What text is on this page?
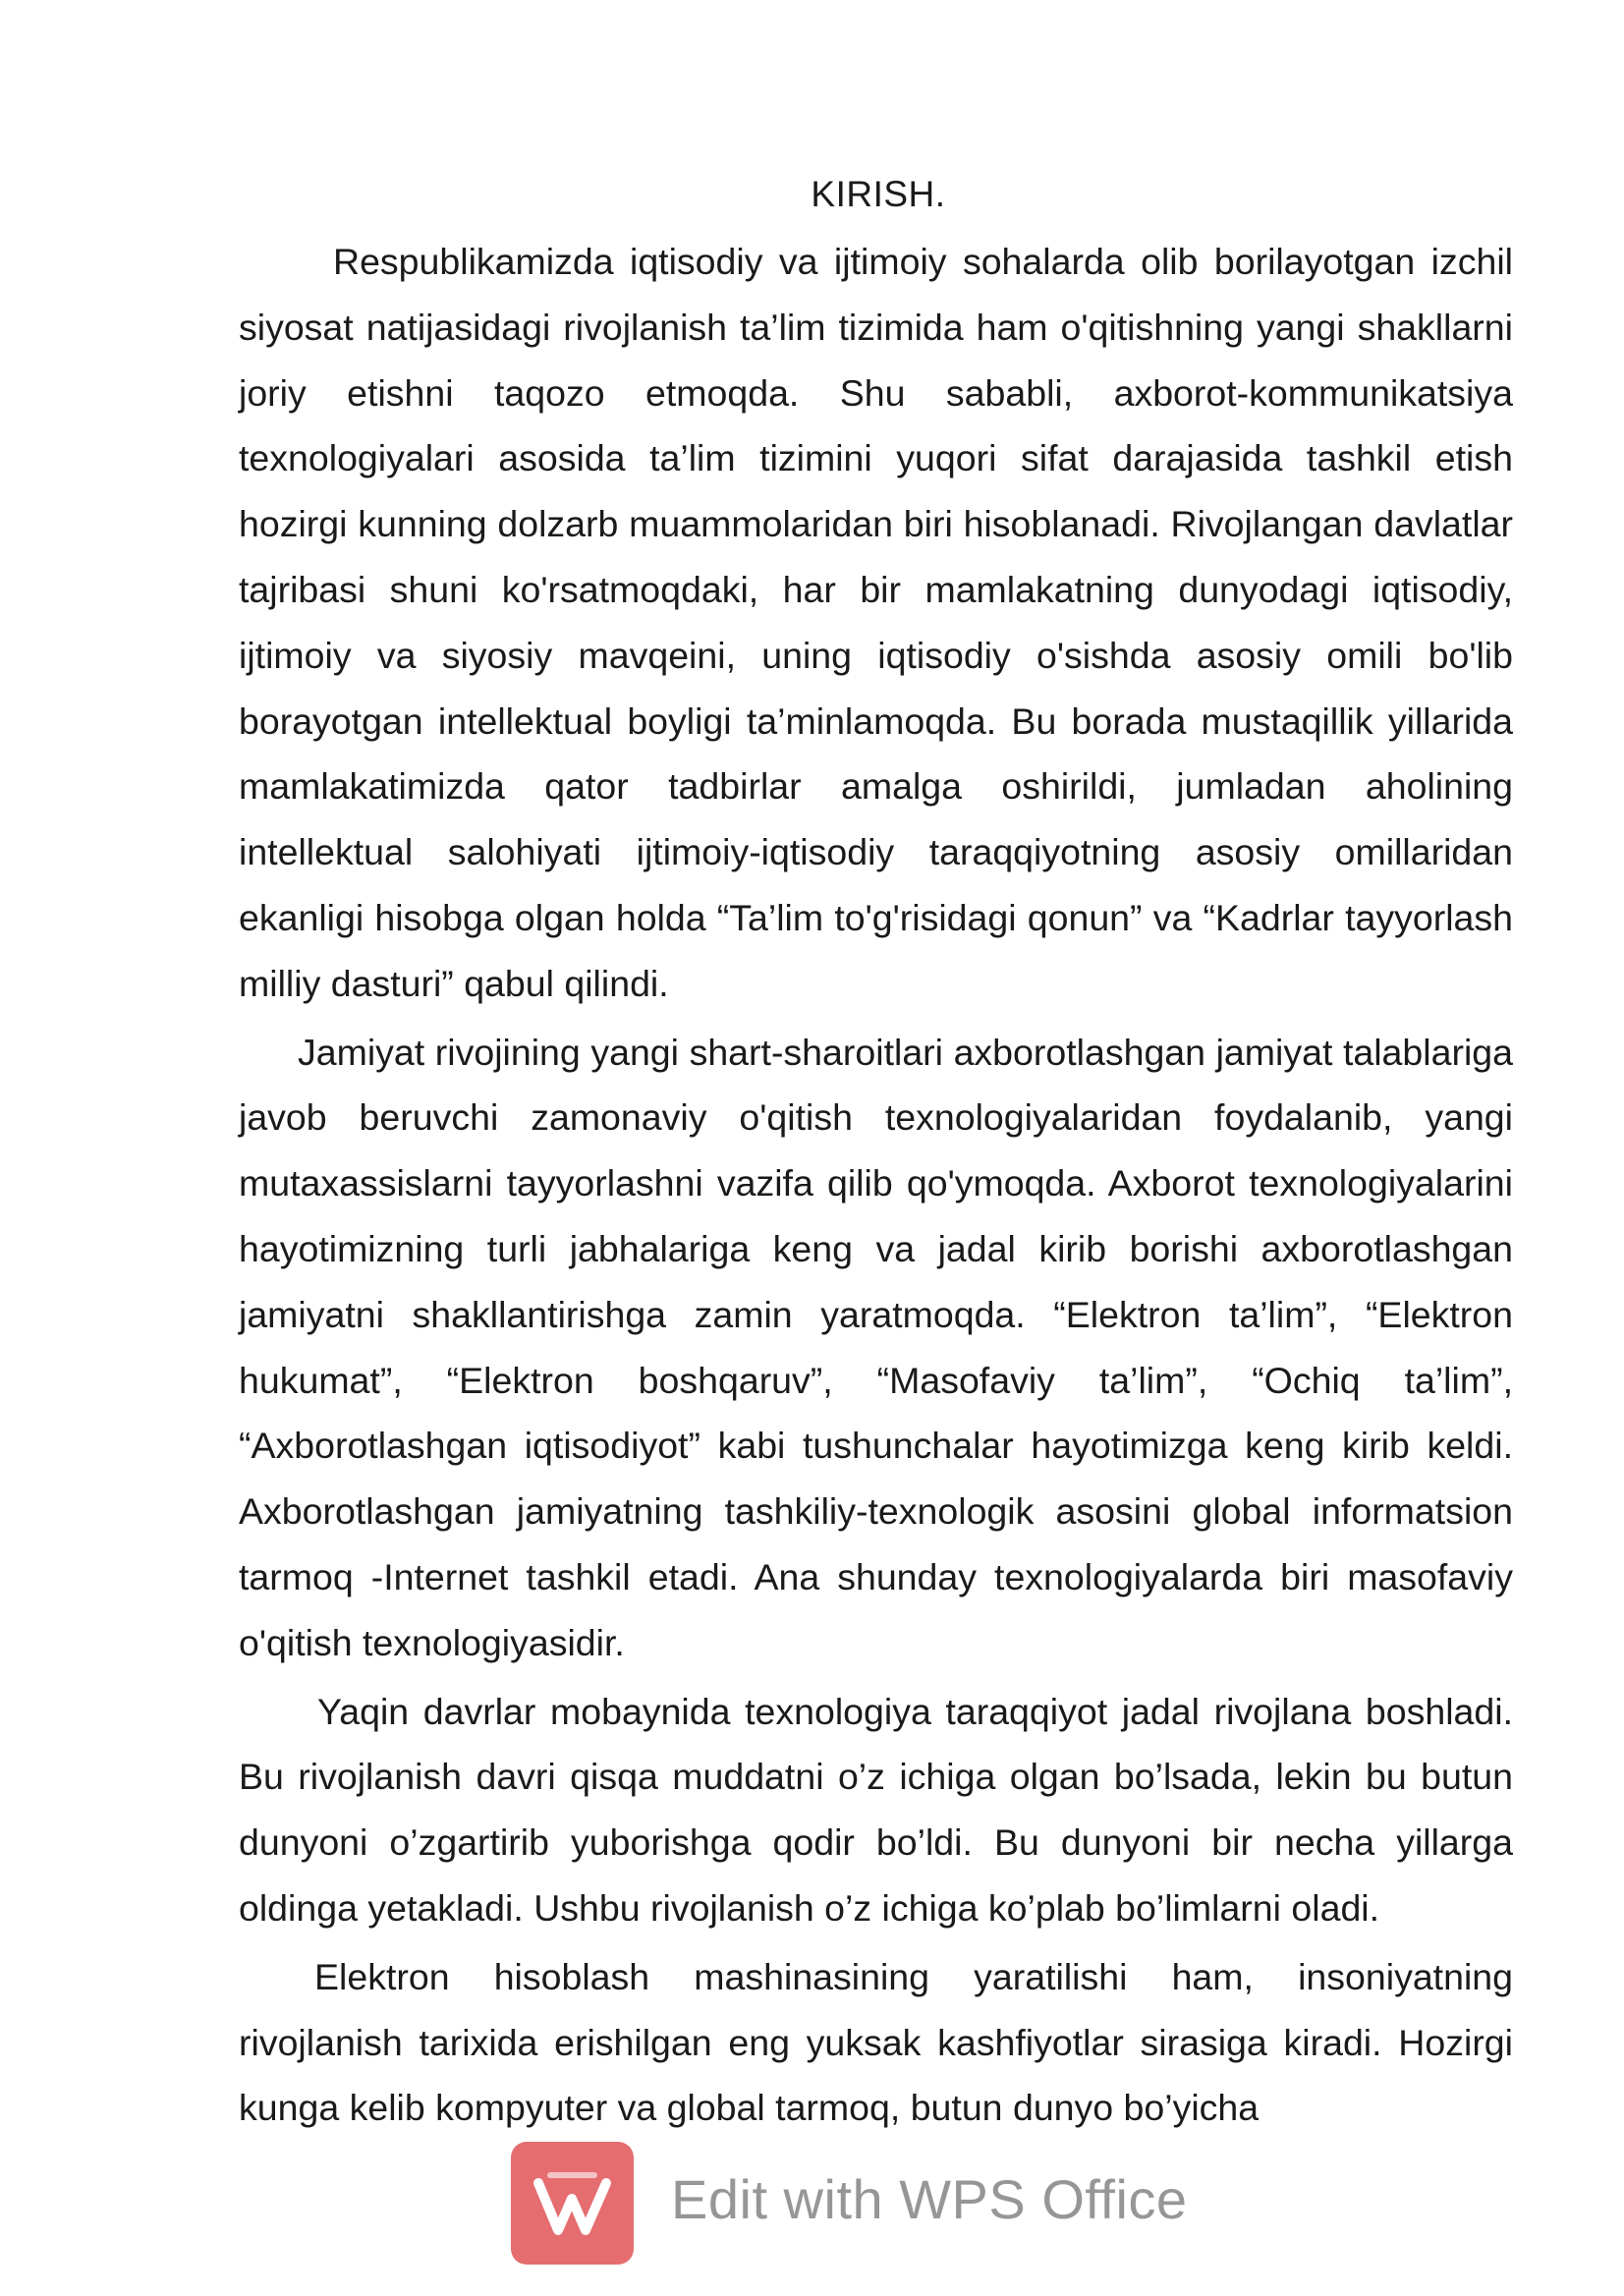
KIRISH.

Respublikamizda iqtisodiy va ijtimoiy sohalarda olib borilayotgan izchil siyosat natijasidagi rivojlanish ta’lim tizimida ham o'qitishning yangi shakllarni joriy etishni taqozo etmoqda. Shu sababli, axborot-kommunikatsiya texnologiyalari asosida ta’lim tizimini yuqori sifat darajasida tashkil etish hozirgi kunning dolzarb muammolaridan biri hisoblanadi. Rivojlangan davlatlar tajribasi shuni ko'rsatmoqdaki, har bir mamlakatning dunyodagi iqtisodiy, ijtimoiy va siyosiy mavqeini, uning iqtisodiy o'sishda asosiy omili bo'lib borayotgan intellektual boyligi ta’minlamoqda. Bu borada mustaqillik yillarida mamlakatimizda qator tadbirlar amalga oshirildi, jumladan aholining intellektual salohiyati ijtimoiy-iqtisodiy taraqqiyotning asosiy omillaridan ekanligi hisobga olgan holda “Ta’lim to'g'risidagi qonun” va “Kadrlar tayyorlash milliy dasturi” qabul qilindi.

Jamiyat rivojining yangi shart-sharoitlari axborotlashgan jamiyat talablariga javob beruvchi zamonaviy o'qitish texnologiyalaridan foydalanib, yangi mutaxassislarni tayyorlashni vazifa qilib qo'ymoqda. Axborot texnologiyalarini hayotimizning turli jabhalariga keng va jadal kirib borishi axborotlashgan jamiyatni shakllantirishga zamin yaratmoqda. “Elektron ta’lim”, “Elektron hukumat”, “Elektron boshqaruv”, “Masofaviy ta’lim”, “Ochiq ta’lim”, “Axborotlashgan iqtisodiyot” kabi tushunchalar hayotimizga keng kirib keldi. Axborotlashgan jamiyatning tashkiliy-texnologik asosini global informatsion tarmoq -Internet tashkil etadi. Ana shunday texnologiyalarda biri masofaviy o'qitish texnologiyasidir.

Yaqin davrlar mobaynida texnologiya taraqqiyot jadal rivojlana boshladi. Bu rivojlanish davri qisqa muddatni o’z ichiga olgan bo’lsada, lekin bu butun dunyoni o’zgartirib yuborishga qodir bo’ldi. Bu dunyoni bir necha yillarga oldinga yetakladi. Ushbu rivojlanish o’z ichiga ko’plab bo’limlarni oladi.

Elektron hisoblash mashinasining yaratilishi ham, insoniyatning rivojlanish tarixida erishilgan eng yuksak kashfiyotlar sirasiga kiradi. Hozirgi kunga kelib kompyuter va global tarmoq, butun dunyo bo’yicha

Edit with WPS Office
